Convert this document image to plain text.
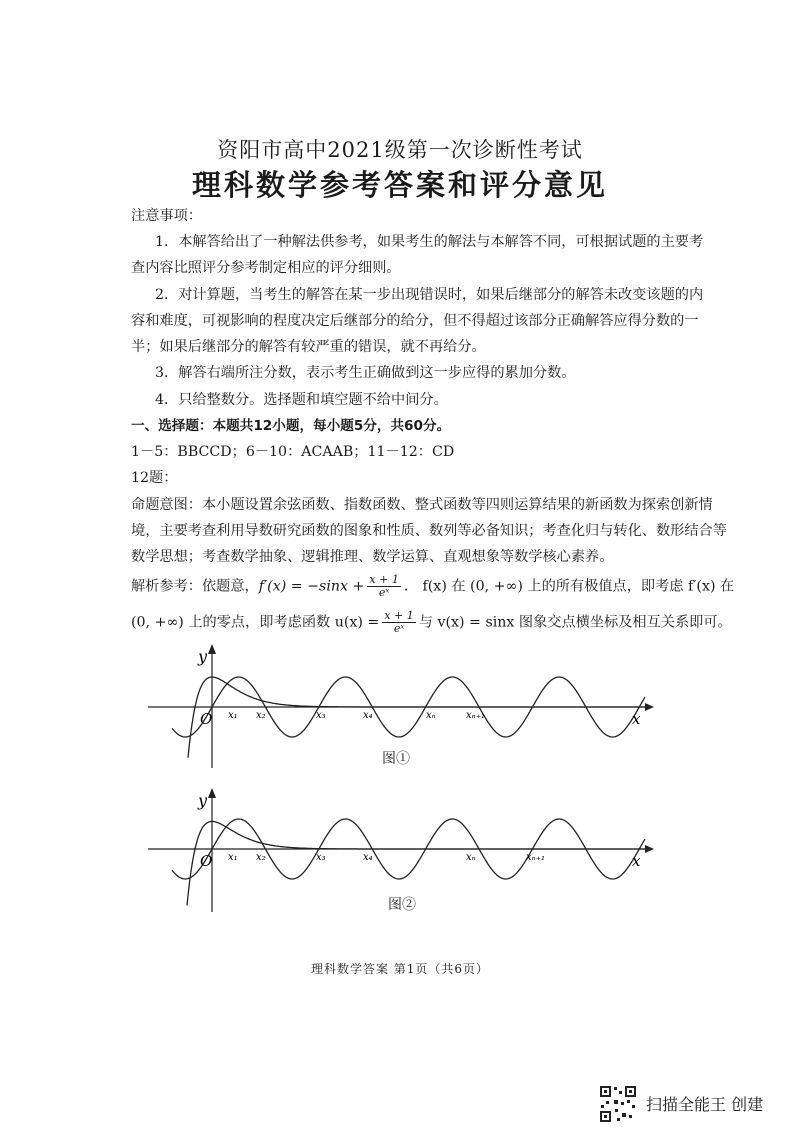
资阳市高中2021级第一次诊断性考试
理科数学参考答案和评分意见
注意事项：
1．本解答给出了一种解法供参考，如果考生的解法与本解答不同，可根据试题的主要考
查内容比照评分参考制定相应的评分细则。
2．对计算题，当考生的解答在某一步出现错误时，如果后继部分的解答未改变该题的内
容和难度，可视影响的程度决定后继部分的给分，但不得超过该部分正确解答应得分数的一
半；如果后继部分的解答有较严重的错误，就不再给分。
3．解答右端所注分数，表示考生正确做到这一步应得的累加分数。
4．只给整数分。选择题和填空题不给中间分。
一、选择题：本题共12小题，每小题5分，共60分。
1－5：BBCCD；6－10：ACAAB；11－12：CD
12题：
命题意图：本小题设置余弦函数、指数函数、整式函数等四则运算结果的新函数为探索创新情
境，主要考查利用导数研究函数的图象和性质、数列等必备知识；考查化归与转化、数形结合等
数学思想；考查数学抽象、逻辑推理、数学运算、直观想象等数学核心素养。
解析参考：依题意，$f'(x) = -\sin x + \frac{x + 1}{\text{eˣ}}$ ． f(x) 在 (0, +∞) 上的所有极值点，即考虑 f′(x) 在
(0, +∞) 上的零点，即考虑函数 $u(x) = \frac{x + 1}{\text{eˣ}}$ 与 v(x) = sinx 图象交点横坐标及相互关系即可。
y
x
O x₁ x₂	x₃	x₄	xₙ	xₙ₊₁
图①
y
x
O x₁ x₂	x₃	x₄	xₙ	xₙ₊₁
图②
理科数学答案 第1页（共6页）
扫描全能王 创建
